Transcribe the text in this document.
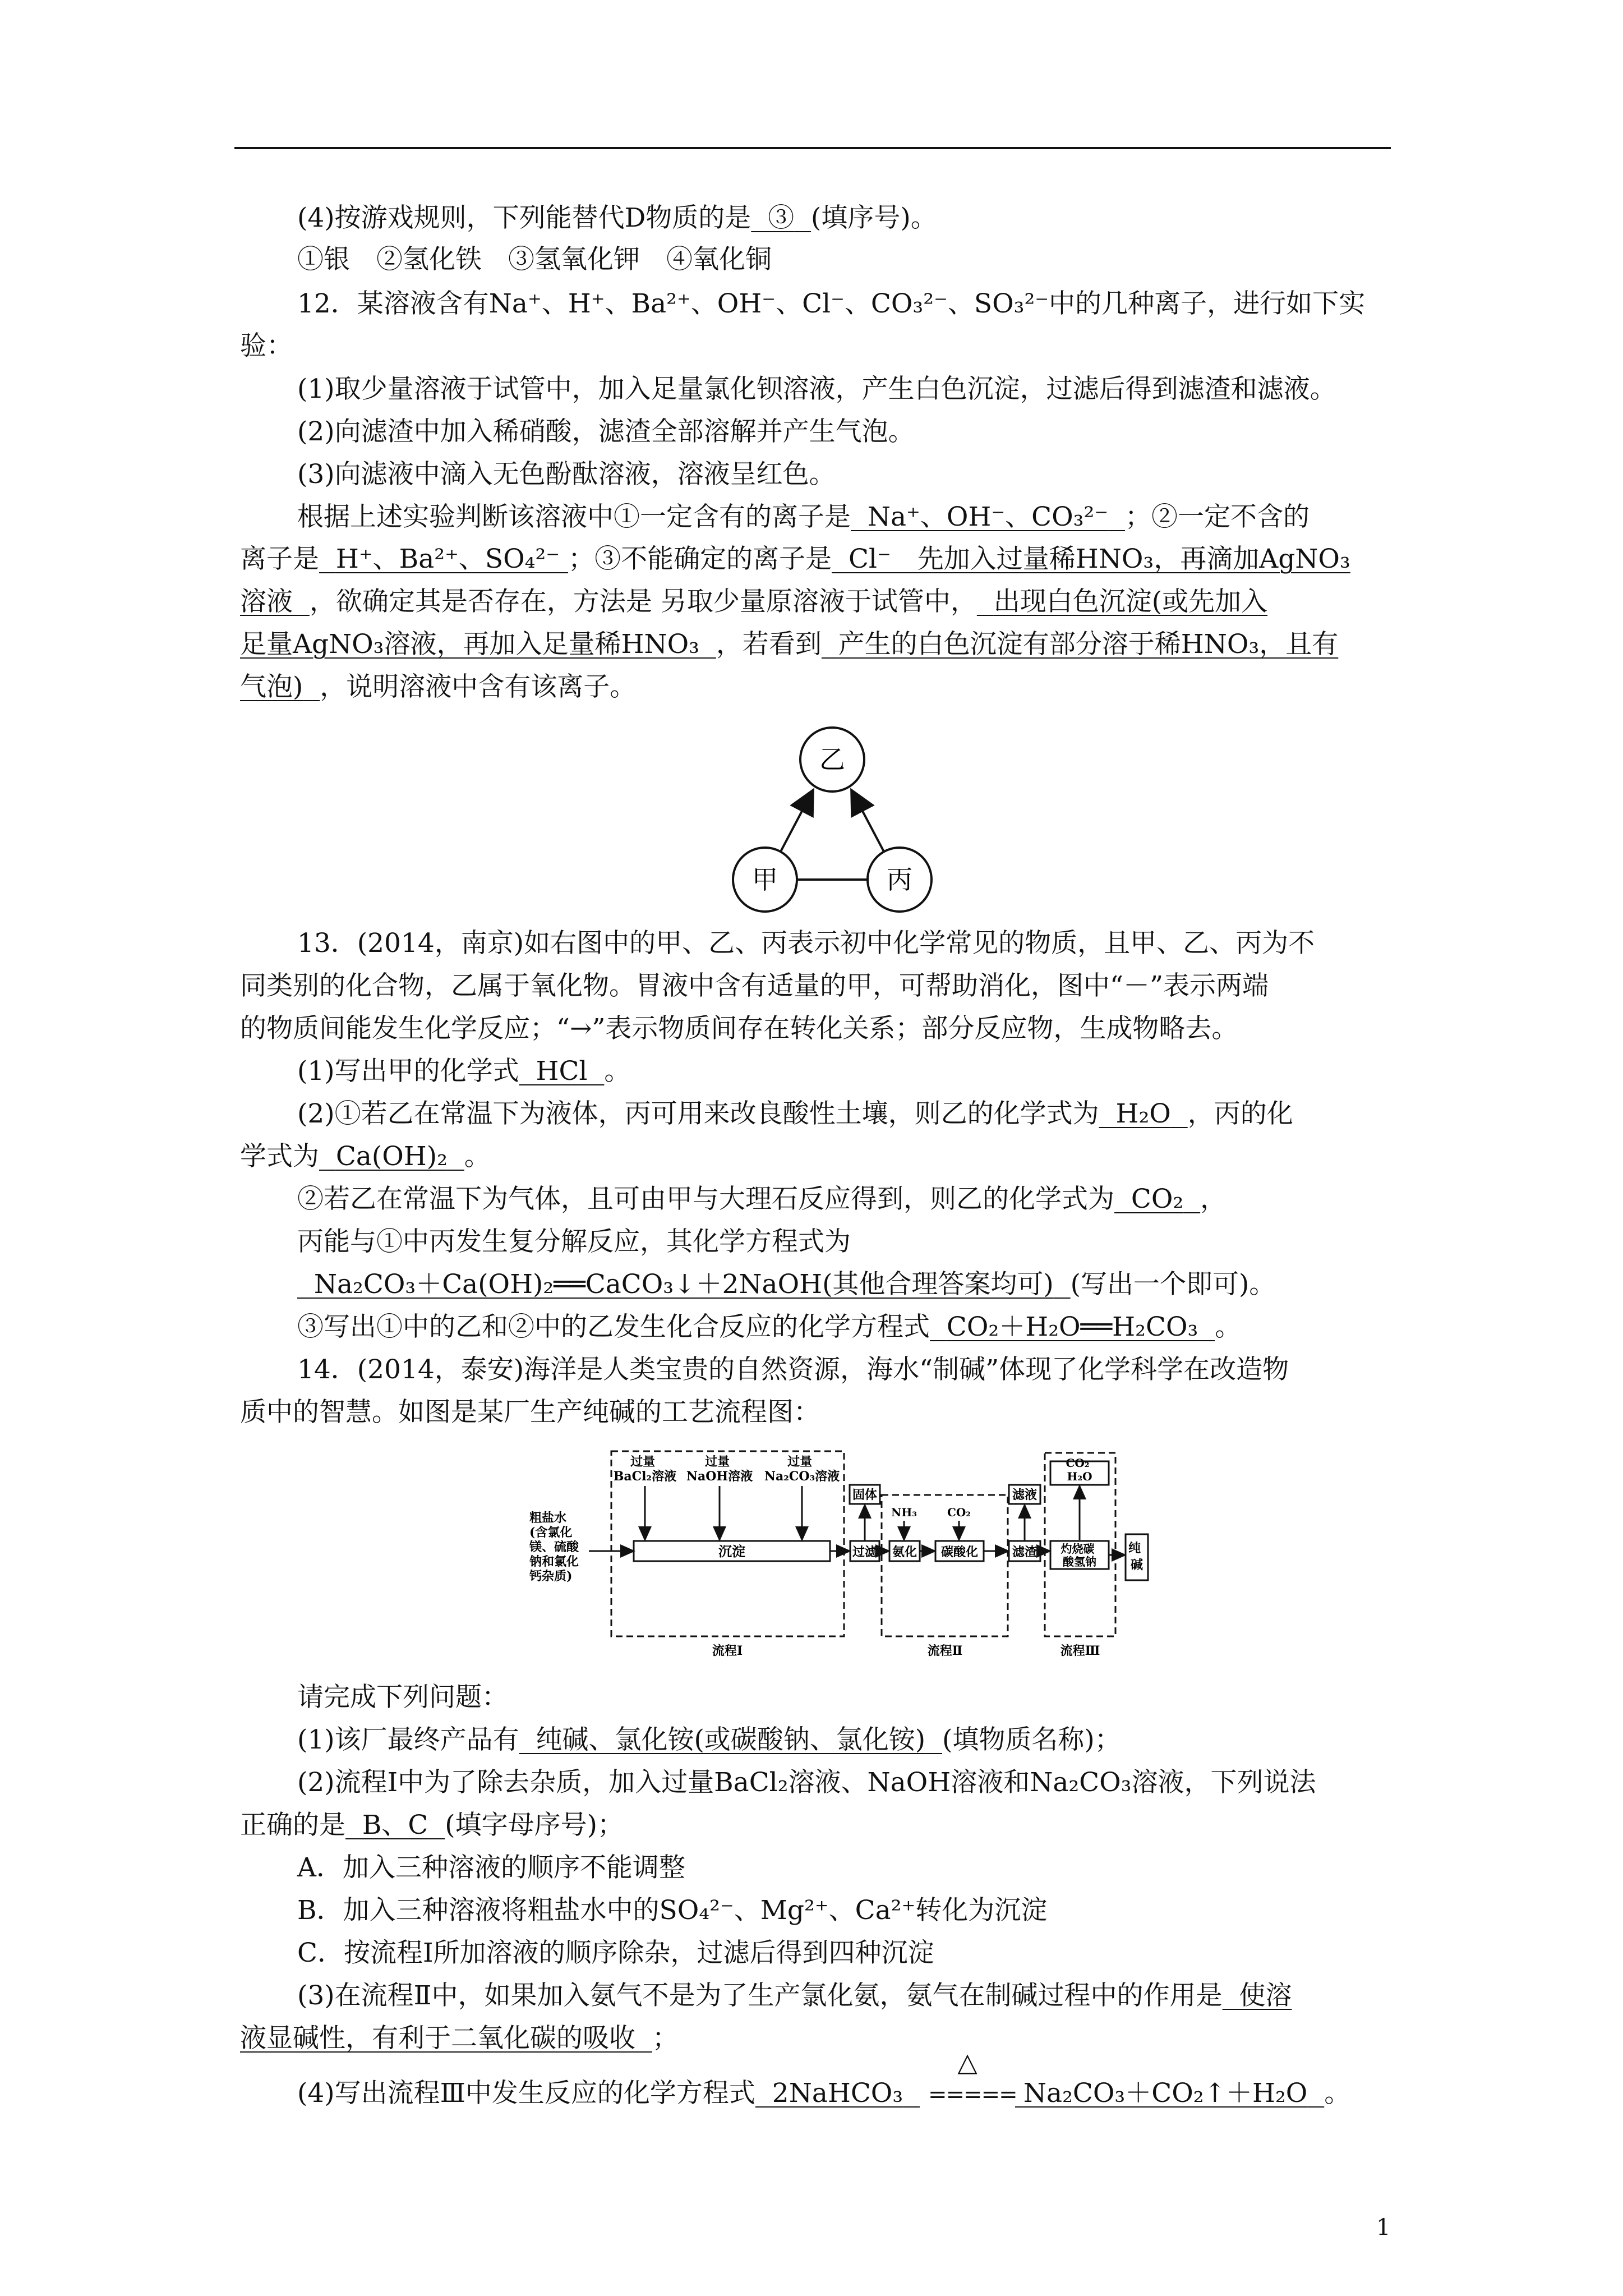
(4)按游戏规则，下列能替代D物质的是 ③ (填序号)。
①银　②氢化铁　③氢氧化钾　④氧化铜
12．某溶液含有Na⁺、H⁺、Ba²⁺、OH⁻、Cl⁻、CO₃²⁻、SO₃²⁻中的几种离子，进行如下实
验：
(1)取少量溶液于试管中，加入足量氯化钡溶液，产生白色沉淀，过滤后得到滤渣和滤液。
(2)向滤渣中加入稀硝酸，滤渣全部溶解并产生气泡。
(3)向滤液中滴入无色酚酞溶液，溶液呈红色。
根据上述实验判断该溶液中①一定含有的离子是 Na⁺、OH⁻、CO₃²⁻ ；②一定不含的
离子是 H⁺、Ba²⁺、SO₄²⁻ ；③不能确定的离子是 Cl⁻　先加入过量稀HNO₃，再滴加AgNO₃
溶液 ，欲确定其是否存在，方法是 另取少量原溶液于试管中， 出现白色沉淀(或先加入
足量AgNO₃溶液，再加入足量稀HNO₃ ，若看到 产生的白色沉淀有部分溶于稀HNO₃，且有
气泡) ，说明溶液中含有该离子。
乙
甲	丙
13．(2014，南京)如右图中的甲、乙、丙表示初中化学常见的物质，且甲、乙、丙为不
同类别的化合物，乙属于氧化物。胃液中含有适量的甲，可帮助消化，图中“－”表示两端
的物质间能发生化学反应；“→”表示物质间存在转化关系；部分反应物，生成物略去。
(1)写出甲的化学式 HCl 。
(2)①若乙在常温下为液体，丙可用来改良酸性土壤，则乙的化学式为 H₂O ，丙的化
学式为 Ca(OH)₂ 。
②若乙在常温下为气体，且可由甲与大理石反应得到，则乙的化学式为 CO₂ ，
丙能与①中丙发生复分解反应，其化学方程式为
Na₂CO₃＋Ca(OH)₂══CaCO₃↓＋2NaOH(其他合理答案均可) (写出一个即可)。
③写出①中的乙和②中的乙发生化合反应的化学方程式 CO₂＋H₂O══H₂CO₃ 。
14．(2014，泰安)海洋是人类宝贵的自然资源，海水“制碱”体现了化学科学在改造物
质中的智慧。如图是某厂生产纯碱的工艺流程图：
粗盐水 (含氯化 镁、硫酸 钠和氯化 钙杂质)
过量 BaCl₂溶液
过量 NaOH溶液
过量 Na₂CO₃溶液
沉淀	过滤
固体
NH₃	CO₂
氨化 碳酸化	滤渣
滤液
CO₂ H₂O
灼烧碳 酸氢钠
纯 碱
流程Ⅰ	流程Ⅱ	流程Ⅲ
请完成下列问题：
(1)该厂最终产品有 纯碱、氯化铵(或碳酸钠、氯化铵) (填物质名称)；
(2)流程Ⅰ中为了除去杂质，加入过量BaCl₂溶液、NaOH溶液和Na₂CO₃溶液，下列说法
正确的是 B、C (填字母序号)；
A．加入三种溶液的顺序不能调整
B．加入三种溶液将粗盐水中的SO₄²⁻、Mg²⁺、Ca²⁺转化为沉淀
C．按流程Ⅰ所加溶液的顺序除杂，过滤后得到四种沉淀
(3)在流程Ⅱ中，如果加入氨气不是为了生产氯化氨，氨气在制碱过程中的作用是 使溶
液显碱性，有利于二氧化碳的吸收 ；
(4)写出流程Ⅲ中发生反应的化学方程式 2NaHCO₃
△
===== Na₂CO₃＋CO₂↑＋H₂O 。
1
